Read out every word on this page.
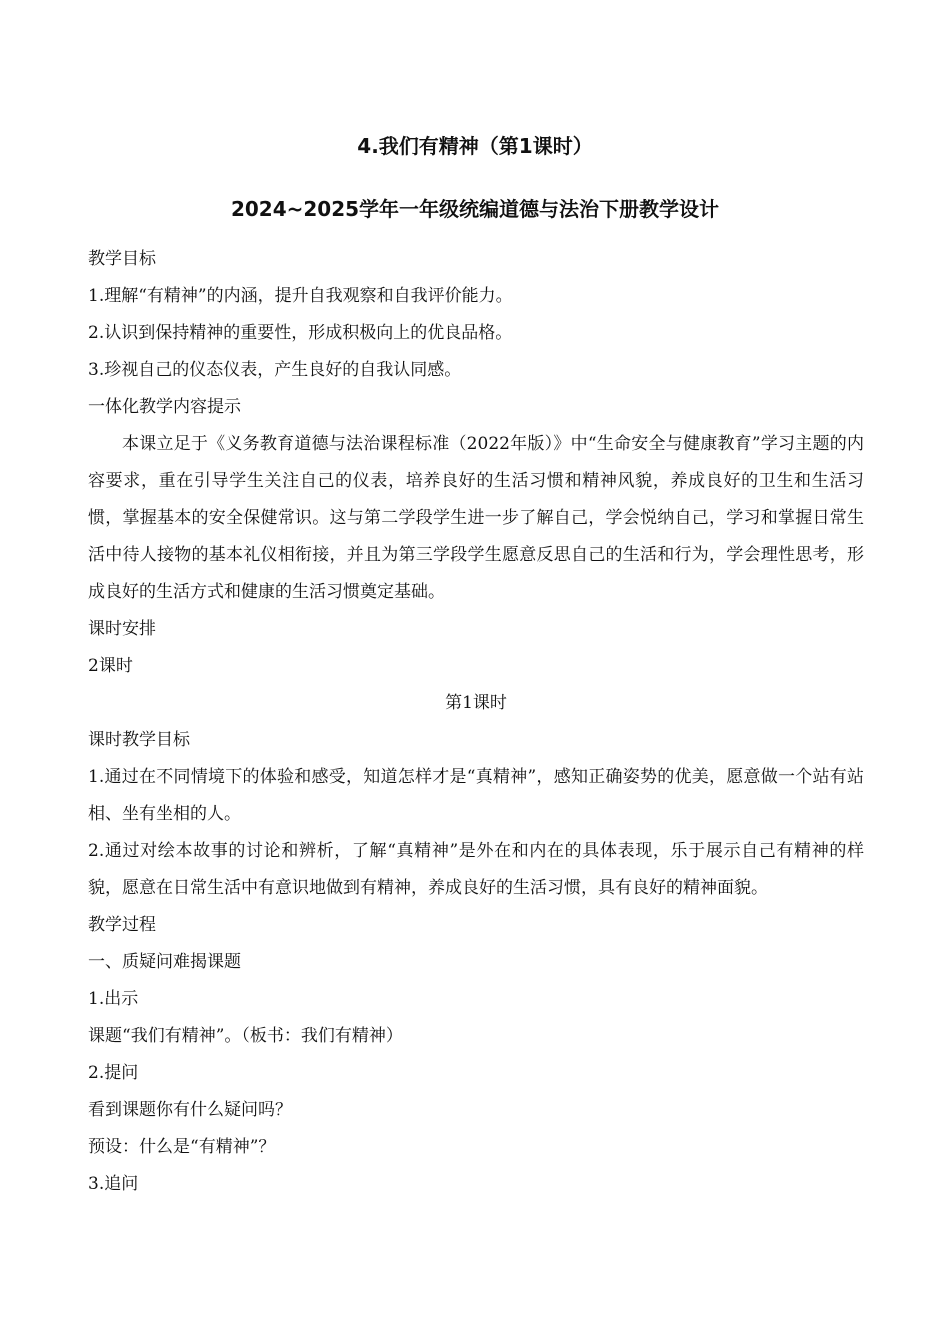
4.我们有精神（第1课时）
2024~2025学年一年级统编道德与法治下册教学设计

教学目标

1.理解“有精神”的内涵，提升自我观察和自我评价能力。

2.认识到保持精神的重要性，形成积极向上的优良品格。

3.珍视自己的仪态仪表，产生良好的自我认同感。

一体化教学内容提示

本课立足于《义务教育道德与法治课程标准（2022年版）》中“生命安全与健康教育”学习主题的内容要求，重在引导学生关注自己的仪表，培养良好的生活习惯和精神风貌，养成良好的卫生和生活习惯，掌握基本的安全保健常识。这与第二学段学生进一步了解自己，学会悦纳自己，学习和掌握日常生活中待人接物的基本礼仪相衔接，并且为第三学段学生愿意反思自己的生活和行为，学会理性思考，形成良好的生活方式和健康的生活习惯奠定基础。

课时安排

2课时

第1课时

课时教学目标

1.通过在不同情境下的体验和感受，知道怎样才是“真精神”，感知正确姿势的优美，愿意做一个站有站相、坐有坐相的人。

2.通过对绘本故事的讨论和辨析，了解“真精神”是外在和内在的具体表现，乐于展示自己有精神的样貌，愿意在日常生活中有意识地做到有精神，养成良好的生活习惯，具有良好的精神面貌。

教学过程

一、质疑问难揭课题

1.出示

课题“我们有精神”。（板书：我们有精神）

2.提问

看到课题你有什么疑问吗？

预设：什么是“有精神”？

3.追问
